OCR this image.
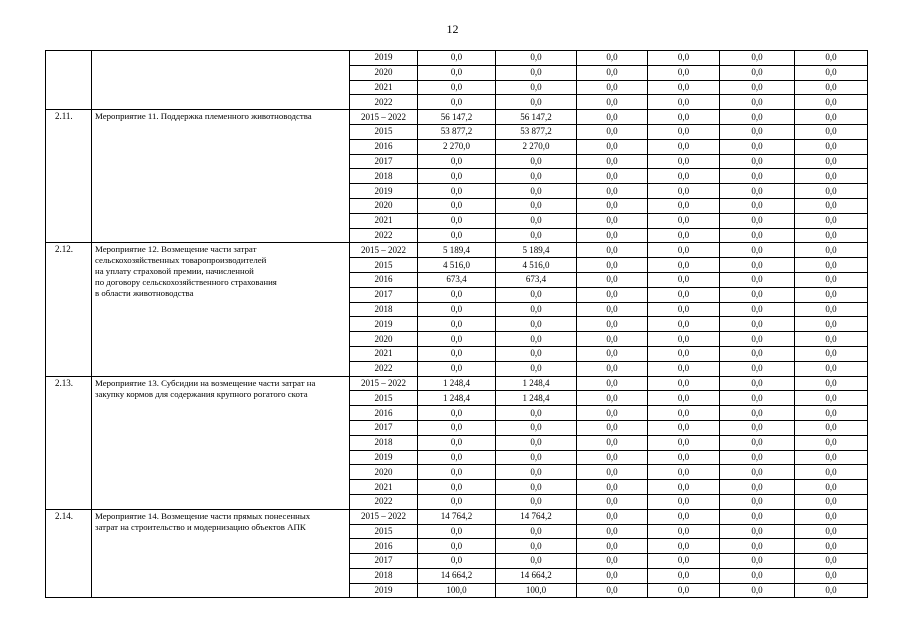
12
		2019	0,0	0,0	0,0	0,0	0,0	0,0
		2020	0,0	0,0	0,0	0,0	0,0	0,0
		2021	0,0	0,0	0,0	0,0	0,0	0,0
		2022	0,0	0,0	0,0	0,0	0,0	0,0
2.11.	Мероприятие 11. Поддержка племенного животноводства	2015 – 2022	56 147,2	56 147,2	0,0	0,0	0,0	0,0
		2015	53 877,2	53 877,2	0,0	0,0	0,0	0,0
		2016	2 270,0	2 270,0	0,0	0,0	0,0	0,0
		2017	0,0	0,0	0,0	0,0	0,0	0,0
		2018	0,0	0,0	0,0	0,0	0,0	0,0
		2019	0,0	0,0	0,0	0,0	0,0	0,0
		2020	0,0	0,0	0,0	0,0	0,0	0,0
		2021	0,0	0,0	0,0	0,0	0,0	0,0
		2022	0,0	0,0	0,0	0,0	0,0	0,0
2.12.	Мероприятие 12. Возмещение части затрат
сельскохозяйственных товаропроизводителей
на уплату страховой премии, начисленной
по договору сельскохозяйственного страхования
в области животноводства	2015 – 2022	5 189,4	5 189,4	0,0	0,0	0,0	0,0
		2015	4 516,0	4 516,0	0,0	0,0	0,0	0,0
		2016	673,4	673,4	0,0	0,0	0,0	0,0
		2017	0,0	0,0	0,0	0,0	0,0	0,0
		2018	0,0	0,0	0,0	0,0	0,0	0,0
		2019	0,0	0,0	0,0	0,0	0,0	0,0
		2020	0,0	0,0	0,0	0,0	0,0	0,0
		2021	0,0	0,0	0,0	0,0	0,0	0,0
		2022	0,0	0,0	0,0	0,0	0,0	0,0
2.13.	Мероприятие 13. Субсидии на возмещение части затрат на
закупку кормов для содержания крупного рогатого скота	2015 – 2022	1 248,4	1 248,4	0,0	0,0	0,0	0,0
		2015	1 248,4	1 248,4	0,0	0,0	0,0	0,0
		2016	0,0	0,0	0,0	0,0	0,0	0,0
		2017	0,0	0,0	0,0	0,0	0,0	0,0
		2018	0,0	0,0	0,0	0,0	0,0	0,0
		2019	0,0	0,0	0,0	0,0	0,0	0,0
		2020	0,0	0,0	0,0	0,0	0,0	0,0
		2021	0,0	0,0	0,0	0,0	0,0	0,0
		2022	0,0	0,0	0,0	0,0	0,0	0,0
2.14.	Мероприятие 14. Возмещение части прямых понесенных
затрат на строительство и модернизацию объектов АПК	2015 – 2022	14 764,2	14 764,2	0,0	0,0	0,0	0,0
		2015	0,0	0,0	0,0	0,0	0,0	0,0
		2016	0,0	0,0	0,0	0,0	0,0	0,0
		2017	0,0	0,0	0,0	0,0	0,0	0,0
		2018	14 664,2	14 664,2	0,0	0,0	0,0	0,0
		2019	100,0	100,0	0,0	0,0	0,0	0,0
